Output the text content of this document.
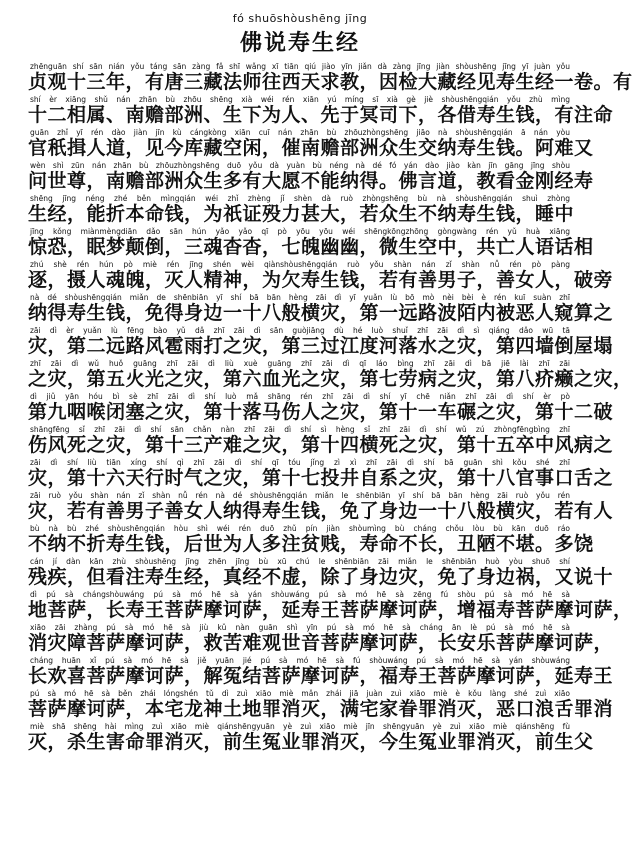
fó shuōshòushēng jīng
佛说寿生经
zhēnguān shí sān nián yǒu táng sān zàng fǎ shī wǎng xī tiān qiú jiào yīn jiǎn dà zàng jīng jiàn shòushēng jīng yī juàn yǒu
贞观十三年，有唐三藏法师往西天求教，因检大藏经见寿生经一卷。有
shí èr xiāng shǔ nán zhān bù zhōu shēng xià wéi rén xiān yú míng sī xià gè jiè shòushēngqián yǒu zhù mìng
十二相属、南赡部洲、生下为人、先于冥司下，各借寿生钱，有注命
guān zhǐ yī rén dào jiàn jīn kù cángkòng xiān cuī nán zhān bù zhōuzhòngshēng jiāo nà shòushēngqián ā nán yòu
官秖揖人道，见今库藏空闲，催南赡部洲众生交纳寿生钱。阿难又
wèn shì zūn nán zhān bù zhōuzhòngshēng duō yǒu dà yuàn bù néng nà dé fó yán dào jiào kàn jīn gāng jīng shòu
问世尊，南赡部洲众生多有大愿不能纳得。佛言道，教看金刚经寿
shēng jīng néng zhé běn mìngqián wéi zhǐ zhèng jǐ shèn dà ruò zhòngshēng bù nà shòushēngqián shuì zhòng
生经，能折本命钱，为祇证殁力甚大，若众生不纳寿生钱，睡中
jīng kǒng miànmèngdiān dǎo sān hún yǎo yǎo qī pò yōu yōu wéi shēngkōngzhōng gòngwàng rén yǔ huà xiāng
惊恐，眠梦颠倒，三魂杳杳，七魄幽幽，微生空中，共亡人语话相
zhú shè rén hún pò miè rén jīng shén wèi qiànshòushēngqián ruò yǒu shàn nán zǐ shàn nǚ rén pò pàng
逐，摄人魂魄，灭人精神，为欠寿生钱，若有善男子，善女人，破旁
nà dé shòushēngqián miǎn de shēnbiān yī shí bā bān hèng zāi dì yī yuǎn lù bō mò nèi bèi è rén kuī suàn zhī
纳得寿生钱，免得身边一十八般横灾，第一远路波陌内被恶人窥算之
zāi dì èr yuǎn lù fēng bào yǔ dǎ zhī zāi dì sān guòjiāng dù hé luò shuǐ zhī zāi dì sì qiáng dǎo wū tā
灾，第二远路风雹雨打之灾，第三过江度河落水之灾，第四墙倒屋塌
zhī zāi dì wǔ huǒ guāng zhī zāi dì liù xuè guāng zhī zāi dì qī láo bìng zhī zāi dì bā jiē lài zhī zāi
之灾，第五火光之灾，第六血光之灾，第七劳病之灾，第八疥癞之灾，
dì jiǔ yān hóu bì sè zhī zāi dì shí luò mǎ shāng rén zhī zāi dì shí yī chē niǎn zhī zāi dì shí èr pò
第九咽喉闭塞之灾，第十落马伤人之灾，第十一车碾之灾，第十二破
shāngfēng sǐ zhī zāi dì shí sān chǎn nàn zhī zāi dì shí sì hèng sǐ zhī zāi dì shí wǔ zú zhòngfēngbìng zhī
伤风死之灾，第十三产难之灾，第十四横死之灾，第十五卒中风病之
zāi dì shí liù tiān xíng shí qì zhī zāi dì shí qī tóu jǐng zì xì zhī zāi dì shí bā guān shì kǒu shé zhī
灾，第十六天行时气之灾，第十七投井自系之灾，第十八官事口舌之
zāi ruò yǒu shàn nán zǐ shàn nǚ rén nà dé shòushēngqián miǎn le shēnbiān yī shí bā bān hèng zāi ruò yǒu rén
灾，若有善男子善女人纳得寿生钱，免了身边一十八般横灾，若有人
bù nà bù zhé shòushēngqián hòu shì wéi rén duō zhǔ pín jiàn shòumìng bù cháng chǒu lòu bù kān duō ráo
不纳不折寿生钱，后世为人多注贫贱，寿命不长，丑陋不堪。多饶
cán jí dàn kān zhù shòushēng jīng zhēn jīng bù xū chú le shēnbiān zāi miǎn le shēnbiān huò yòu shuō shí
残疾，但看注寿生经，真经不虚，除了身边灾，免了身边祸，又说十
dì pú sà chángshòuwáng pú sà mó hē sà yán shòuwáng pú sà mó hē sà zēng fú shòu pú sà mó hē sà
地菩萨，长寿王菩萨摩诃萨，延寿王菩萨摩诃萨，增福寿菩萨摩诃萨，
xiāo zāi zhàng pú sà mó hē sà jiù kǔ nàn guān shì yīn pú sà mó hē sà cháng ān lè pú sà mó hē sà
消灾障菩萨摩诃萨，救苦难观世音菩萨摩诃萨，长安乐菩萨摩诃萨，
cháng huān xǐ pú sà mó hē sà jiě yuān jié pú sà mó hē sà fú shòuwáng pú sà mó hē sà yán shòuwáng
长欢喜菩萨摩诃萨，解冤结菩萨摩诃萨，福寿王菩萨摩诃萨，延寿王
pú sà mó hē sà běn zhái lóngshén tǔ dì zuì xiāo miè mǎn zhái jiā juàn zuì xiāo miè è kǒu làng shé zuì xiāo
菩萨摩诃萨，本宅龙神土地罪消灭，满宅家眷罪消灭，恶口浪舌罪消
miè shā shēng hài mìng zuì xiāo miè qiánshēngyuān yè zuì xiāo miè jīn shēngyuān yè zuì xiāo miè qiánshēng fù
灭，杀生害命罪消灭，前生冤业罪消灭，今生冤业罪消灭，前生父
